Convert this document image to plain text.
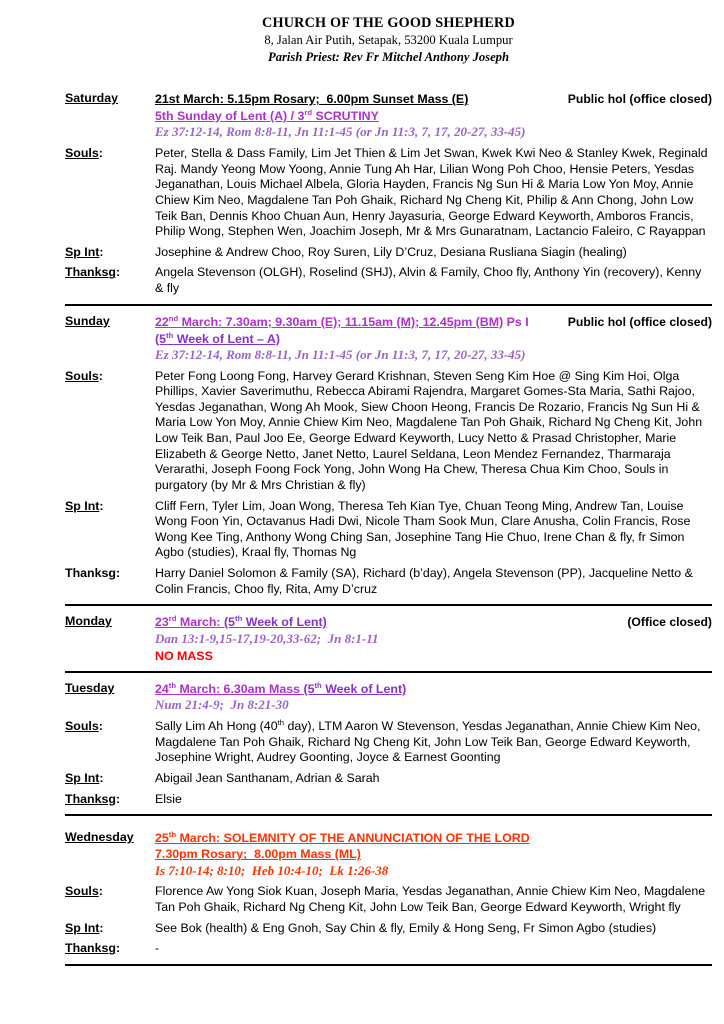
CHURCH OF THE GOOD SHEPHERD
8, Jalan Air Putih, Setapak, 53200 Kuala Lumpur
Parish Priest: Rev Fr Mitchel Anthony Joseph
Saturday	21st March: 5.15pm Rosary;  6.00pm Sunset Mass (E)	Public hol (office closed)
5th Sunday of Lent (A) / 3rd SCRUTINY
Ez 37:12-14, Rom 8:8-11, Jn 11:1-45 (or Jn 11:3, 7, 17, 20-27, 33-45)
Souls:	Peter, Stella & Dass Family, Lim Jet Thien & Lim Jet Swan, Kwek Kwi Neo & Stanley Kwek, Reginald Raj. Mandy Yeong Mow Yoong, Annie Tung Ah Har, Lilian Wong Poh Choo, Hensie Peters, Yesdas Jeganathan, Louis Michael Albela, Gloria Hayden, Francis Ng Sun Hi & Maria Low Yon Moy, Annie Chiew Kim Neo, Magdalene Tan Poh Ghaik, Richard Ng Cheng Kit, Philip & Ann Chong, John Low Teik Ban, Dennis Khoo Chuan Aun, Henry Jayasuria, George Edward Keyworth, Amboros Francis, Philip Wong, Stephen Wen, Joachim Joseph, Mr & Mrs Gunaratnam, Lactancio Faleiro, C Rayappan
Sp Int:	Josephine & Andrew Choo, Roy Suren, Lily D’Cruz, Desiana Rusliana Siagin (healing)
Thanksg:	Angela Stevenson (OLGH), Roselind (SHJ), Alvin & Family, Choo fly, Anthony Yin (recovery), Kenny & fly
Sunday	22nd March: 7.30am; 9.30am (E); 11.15am (M); 12.45pm (BM) Ps I	Public hol (office closed)
(5th Week of Lent – A)
Ez 37:12-14, Rom 8:8-11, Jn 11:1-45 (or Jn 11:3, 7, 17, 20-27, 33-45)
Souls:	Peter Fong Loong Fong, Harvey Gerard Krishnan, Steven Seng Kim Hoe @ Sing Kim Hoi, Olga Phillips, Xavier Saverimuthu, Rebecca Abirami Rajendra, Margaret Gomes-Sta Maria, Sathi Rajoo, Yesdas Jeganathan, Wong Ah Mook, Siew Choon Heong, Francis De Rozario, Francis Ng Sun Hi & Maria Low Yon Moy, Annie Chiew Kim Neo, Magdalene Tan Poh Ghaik, Richard Ng Cheng Kit, John Low Teik Ban, Paul Joo Ee, George Edward Keyworth, Lucy Netto & Prasad Christopher, Marie Elizabeth & George Netto, Janet Netto, Laurel Seldana, Leon Mendez Fernandez, Tharmaraja Verarathi, Joseph Foong Fock Yong, John Wong Ha Chew, Theresa Chua Kim Choo, Souls in purgatory (by Mr & Mrs Christian & fly)
Sp Int:	Cliff Fern, Tyler Lim, Joan Wong, Theresa Teh Kian Tye, Chuan Teong Ming, Andrew Tan, Louise Wong Foon Yin, Octavanus Hadi Dwi, Nicole Tham Sook Mun, Clare Anusha, Colin Francis, Rose Wong Kee Ting, Anthony Wong Ching San, Josephine Tang Hie Chuo, Irene Chan & fly, fr Simon Agbo (studies), Kraal fly, Thomas Ng
Thanksg:	Harry Daniel Solomon & Family (SA), Richard (b’day), Angela Stevenson (PP), Jacqueline Netto & Colin Francis, Choo fly, Rita, Amy D’cruz
Monday	23rd March: (5th Week of Lent)	(Office closed)
Dan 13:1-9,15-17,19-20,33-62;  Jn 8:1-11
NO MASS
Tuesday	24th March: 6.30am Mass (5th Week of Lent)
Num 21:4-9;  Jn 8:21-30
Souls:	Sally Lim Ah Hong (40th day), LTM Aaron W Stevenson, Yesdas Jeganathan, Annie Chiew Kim Neo, Magdalene Tan Poh Ghaik, Richard Ng Cheng Kit, John Low Teik Ban, George Edward Keyworth, Josephine Wright, Audrey Goonting, Joyce & Earnest Goonting
Sp Int:	Abigail Jean Santhanam, Adrian & Sarah
Thanksg:	Elsie
Wednesday	25th March: SOLEMNITY OF THE ANNUNCIATION OF THE LORD
7.30pm Rosary;  8.00pm Mass (ML)
Is 7:10-14; 8:10;  Heb 10:4-10;  Lk 1:26-38
Souls:	Florence Aw Yong Siok Kuan, Joseph Maria, Yesdas Jeganathan, Annie Chiew Kim Neo, Magdalene Tan Poh Ghaik, Richard Ng Cheng Kit, John Low Teik Ban, George Edward Keyworth, Wright fly
Sp Int:	See Bok (health) & Eng Gnoh, Say Chin & fly, Emily & Hong Seng, Fr Simon Agbo (studies)
Thanksg:	-
